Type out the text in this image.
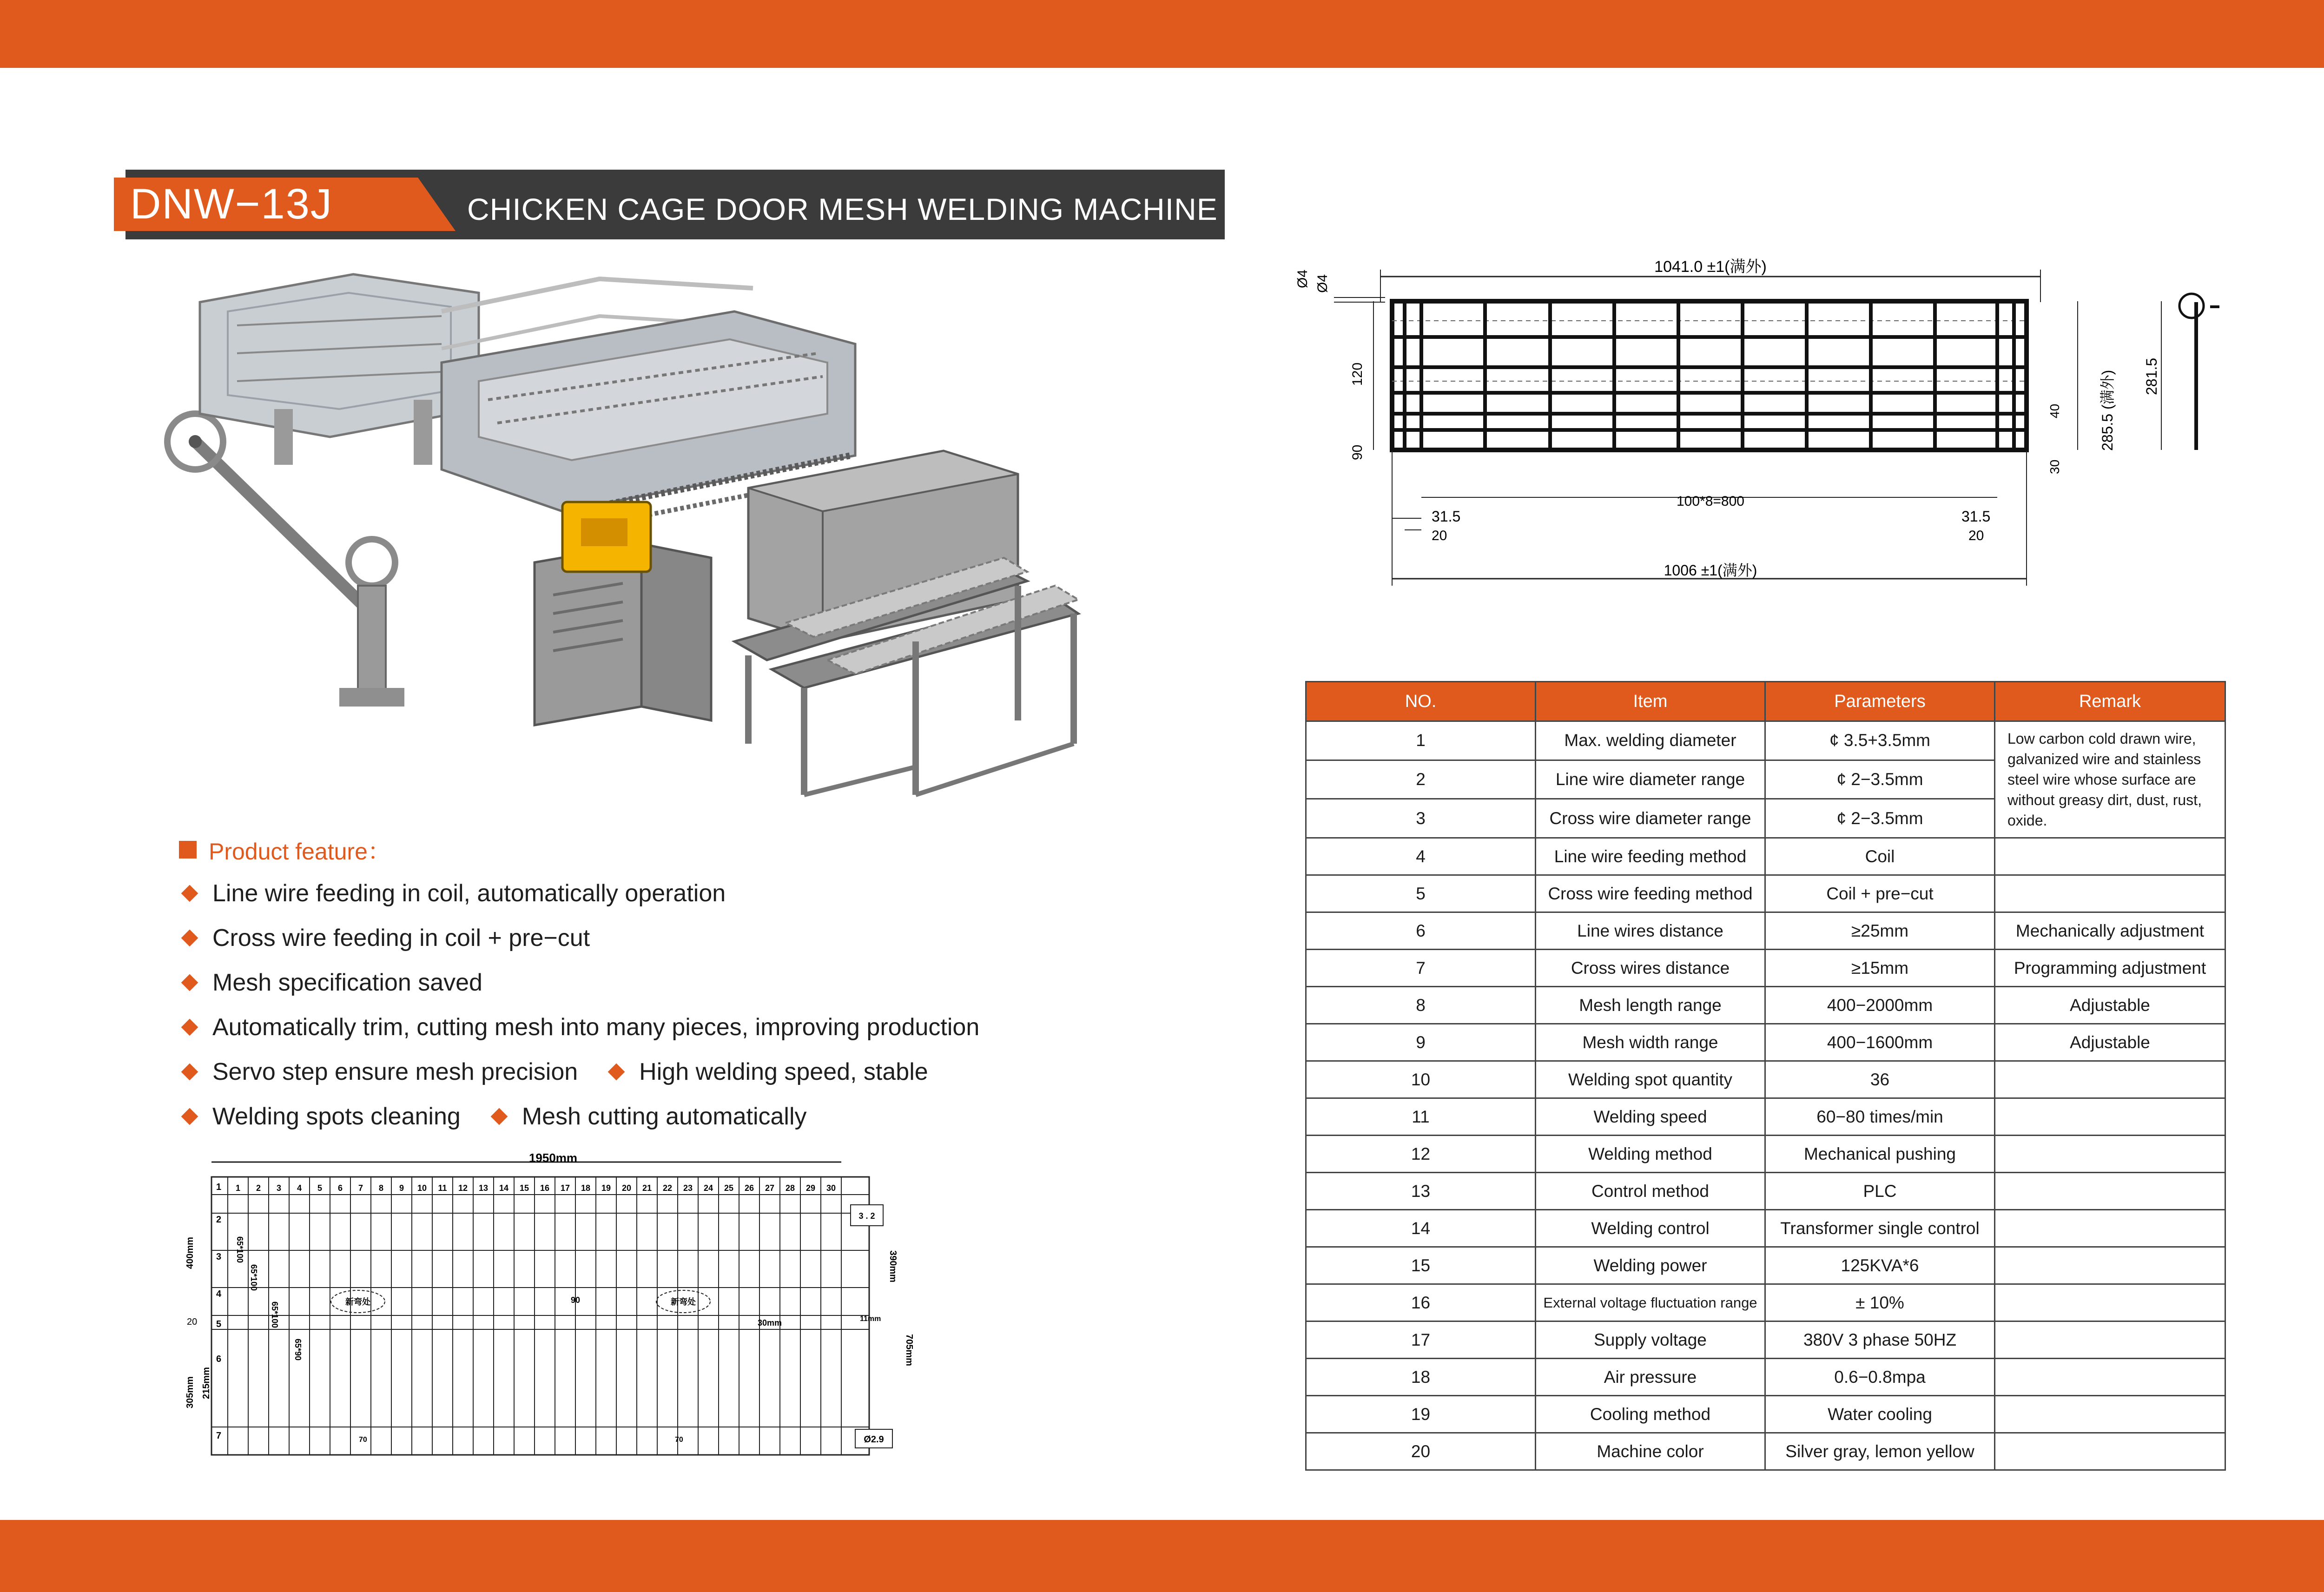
DNW−13J	CHICKEN CAGE DOOR MESH WELDING MACHINE
Product feature：
Line wire feeding in coil, automatically operation
Cross wire feeding in coil + pre−cut
Mesh specification saved
Automatically trim, cutting mesh into many pieces, improving production
Servo step ensure mesh precision	High welding speed, stable
Welding spots cleaning	Mesh cutting automatically
1041.0 ±1(满外)
Ø4 Ø4
120
90
100*8=800
31.5
20
31.5
20
1006 ±1(满外)
285.5 (满外)
40
30
281.5
1950mm
1 2 3 4 5 6 7 8 9 10 11 12 13 14 15 16 17 18 19 20 21 22 23 24 25 26 27 28 29 30
1
2
3
4
5
6
7
400mm
305mm 215mm
20
65*100
65*100
65*100
65*90
新弯处	新弯处
90
30mm	11mm
70	70
3 . 2
390mm
705mm
Ø2.9
NO.	Item	Parameters	Remark
1	Max. welding diameter	¢ 3.5+3.5mm	Low carbon cold drawn wire, galvanized wire and stainless steel wire whose surface are without greasy dirt, dust, rust, oxide.
2	Line wire diameter range	¢ 2−3.5mm	
3	Cross wire diameter range	¢ 2−3.5mm	
4	Line wire feeding method	Coil	
5	Cross wire feeding method	Coil + pre−cut	
6	Line wires distance	≥25mm	Mechanically adjustment
7	Cross wires distance	≥15mm	Programming adjustment
8	Mesh length range	400−2000mm	Adjustable
9	Mesh width range	400−1600mm	Adjustable
10	Welding spot quantity	36	
11	Welding speed	60−80 times/min	
12	Welding method	Mechanical pushing	
13	Control method	PLC	
14	Welding control	Transformer single control	
15	Welding power	125KVA*6	
16	External voltage fluctuation range	± 10%	
17	Supply voltage	380V 3 phase 50HZ	
18	Air pressure	0.6−0.8mpa	
19	Cooling method	Water cooling	
20	Machine color	Silver gray, lemon yellow	
